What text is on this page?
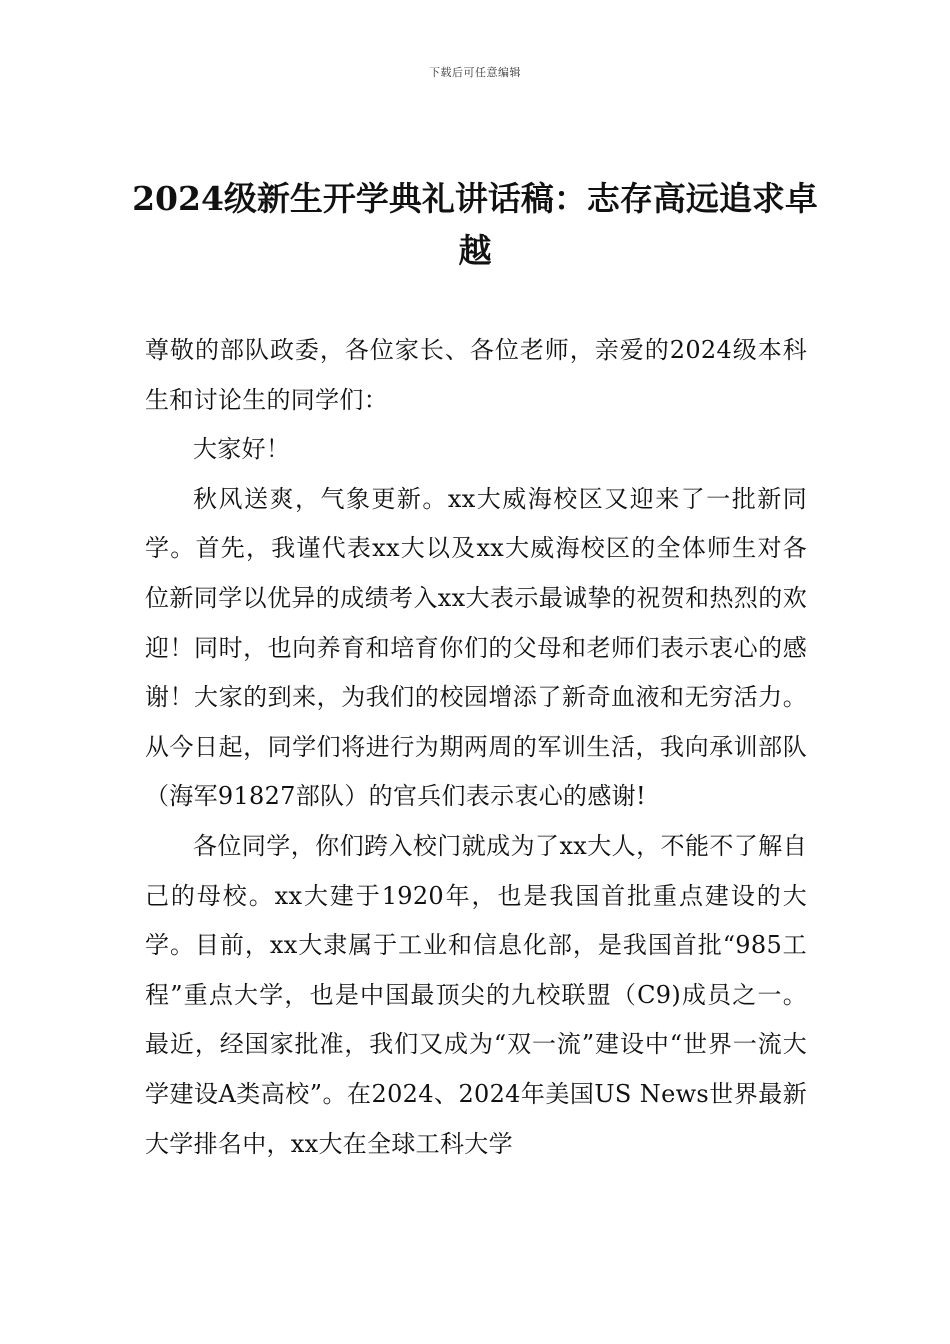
下载后可任意编辑
2024级新生开学典礼讲话稿：志存高远追求卓越

尊敬的部队政委，各位家长、各位老师，亲爱的2024级本科生和讨论生的同学们：

大家好！

秋风送爽，气象更新。xx大威海校区又迎来了一批新同学。首先，我谨代表xx大以及xx大威海校区的全体师生对各位新同学以优异的成绩考入xx大表示最诚挚的祝贺和热烈的欢迎！同时，也向养育和培育你们的父母和老师们表示衷心的感谢！大家的到来，为我们的校园增添了新奇血液和无穷活力。从今日起，同学们将进行为期两周的军训生活，我向承训部队（海军91827部队）的官兵们表示衷心的感谢!

各位同学，你们跨入校门就成为了xx大人，不能不了解自己的母校。xx大建于1920年，也是我国首批重点建设的大学。目前，xx大隶属于工业和信息化部，是我国首批“985工程”重点大学，也是中国最顶尖的九校联盟（C9)成员之一。最近，经国家批准，我们又成为“双一流”建设中“世界一流大学建设A类高校”。在2024、2024年美国US News世界最新大学排名中，xx大在全球工科大学
